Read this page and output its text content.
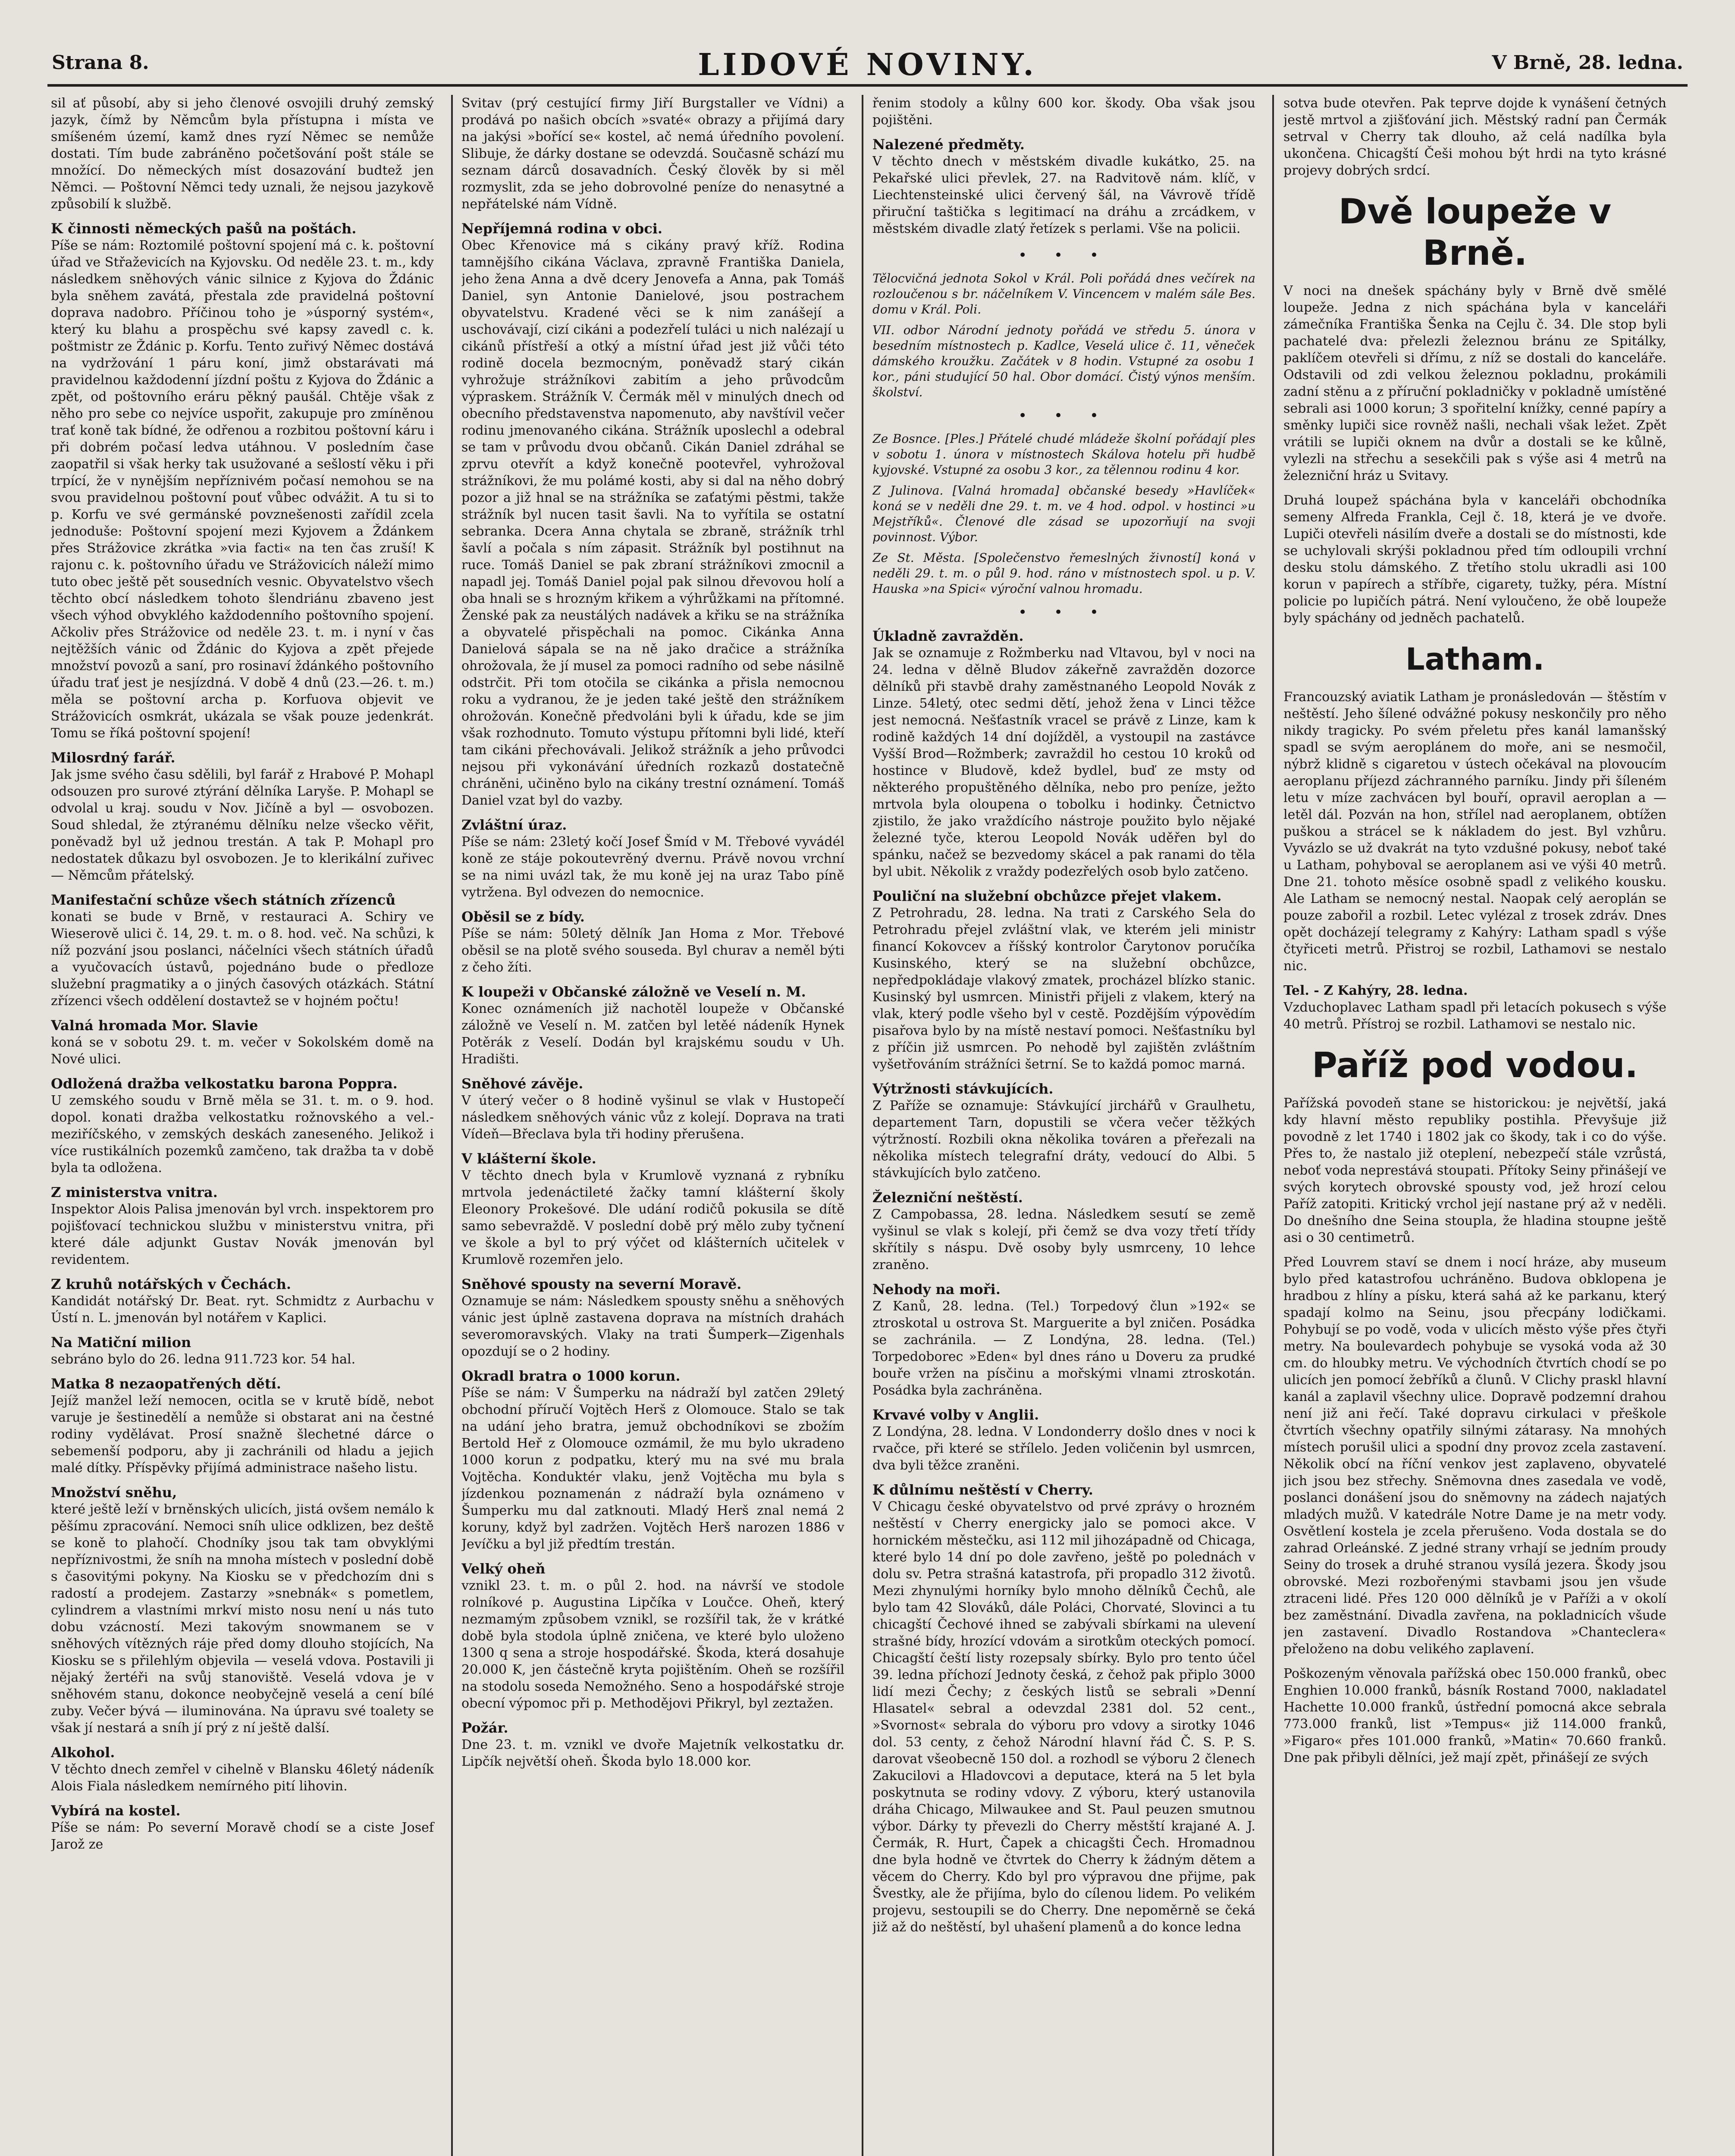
Strana 8.	LIDOVÉ NOVINY.	V Brně, 28. ledna.
sil ať působí, aby si jeho členové osvojili druhý zemský jazyk, čímž by Němcům byla přístupna i místa ve smíšeném území, kamž dnes ryzí Němec se nemůže dostati. Tím bude zabráněno početšování pošt stále se množící. Do německých míst dosazování budtež jen Němci. — Poštovní Němci tedy uznali, že nejsou jazykově způsobilí k službě.
K činnosti německých pašů na poštách.
Píše se nám: Roztomilé poštovní spojení má c. k. poštovní úřad ve Střaževicích na Kyjovsku. Od neděle 23. t. m., kdy následkem sněhových vánic silnice z Kyjova do Ždánic byla sněhem zavátá, přestala zde pravidelná poštovní doprava nadobro. Příčinou toho je »úsporný systém«, který ku blahu a prospěchu své kapsy zavedl c. k. poštmistr ze Ždánic p. Korfu. Tento zuřivý Němec dostává na vydržování 1 páru koní, jimž obstarávati má pravidelnou každodenní jízdní poštu z Kyjova do Ždánic a zpět, od poštovního eráru pěkný paušál. Chtěje však z něho pro sebe co nejvíce uspořit, zakupuje pro zmíněnou trať koně tak bídné, že odřenou a rozbitou poštovní káru i při dobrém počasí ledva utáhnou. V posledním čase zaopatřil si však herky tak usužované a sešlostí věku i při trpící, že v nynějším nepříznivém počasí nemohou se na svou pravidelnou poštovní pouť vůbec odvážit. A tu si to p. Korfu ve své germánské povznešenosti zařídil zcela jednoduše: Poštovní spojení mezi Kyjovem a Ždánkem přes Strážovice zkrátka »via facti« na ten čas zruší! K rajonu c. k. poštovního úřadu ve Strážovicích náleží mimo tuto obec ještě pět sousedních vesnic. Obyvatelstvo všech těchto obcí následkem tohoto šlendriánu zbaveno jest všech výhod obvyklého každodenního poštovního spojení. Ačkoliv přes Strážovice od neděle 23. t. m. i nyní v čas nejtěžších vánic od Ždánic do Kyjova a zpět přejede množství povozů a saní, pro rosinaví ždánkého poštovního úřadu trať jest je nesjízdná. V době 4 dnů (23.—26. t. m.) měla se poštovní archa p. Korfuova objevit ve Strážovicích osmkrát, ukázala se však pouze jedenkrát. Tomu se říká poštovní spojení!
Milosrdný farář.
Jak jsme svého času sdělili, byl farář z Hrabové P. Mohapl odsouzen pro surové ztýrání dělníka Laryše. P. Mohapl se odvolal u kraj. soudu v Nov. Jičíně a byl — osvobozen. Soud shledal, že ztýranému dělníku nelze všecko věřit, poněvadž byl už jednou trestán. A tak P. Mohapl pro nedostatek důkazu byl osvobozen. Je to klerikální zuřivec — Němcům přátelský.
Manifestační schůze všech státních zřízenců
konati se bude v Brně, v restauraci A. Schiry ve Wieserově ulici č. 14, 29. t. m. o 8. hod. več. Na schůzi, k níž pozvání jsou poslanci, náčelníci všech státních úřadů a vyučovacích ústavů, pojednáno bude o předloze služební pragmatiky a o jiných časových otázkách. Státní zřízenci všech oddělení dostavtež se v hojném počtu!
Valná hromada Mor. Slavie
koná se v sobotu 29. t. m. večer v Sokolském domě na Nové ulici.
Odložená dražba velkostatku barona Poppra.
U zemského soudu v Brně měla se 31. t. m. o 9. hod. dopol. konati dražba velkostatku rožnovského a vel.-meziříčského, v zemských deskách zaneseného. Jelikož i více rustikálních pozemků zamčeno, tak dražba ta v době byla ta odložena.
Z ministerstva vnitra.
Inspektor Alois Palisa jmenován byl vrch. inspektorem pro pojišťovací technickou službu v ministerstvu vnitra, při které dále adjunkt Gustav Novák jmenován byl revidentem.
Z kruhů notářských v Čechách.
Kandidát notářský Dr. Beat. ryt. Schmidtz z Aurbachu v Ústí n. L. jmenován byl notářem v Kaplici.
Na Matiční milion
sebráno bylo do 26. ledna 911.723 kor. 54 hal.
Matka 8 nezaopatřených dětí.
Jejíž manžel leží nemocen, ocitla se v krutě bídě, nebot varuje je šestinedělí a nemůže si obstarat ani na čestné rodiny vydělávat. Prosí snažně šlechetné dárce o sebemenší podporu, aby ji zachránili od hladu a jejich malé dítky. Příspěvky přijímá administrace našeho listu.
Množství sněhu,
které ještě leží v brněnských ulicích, jistá ovšem nemálo k pěšímu zpracování. Nemoci sníh ulice odklizen, bez deště se koně to plahočí. Chodníky jsou tak tam obvyklými nepříznivostmi, že sníh na mnoha místech v poslední době s časovitými pokyny. Na Kiosku se v předchozím dni s radostí a prodejem. Zastarzy »snebnák« s pometlem, cylindrem a vlastními mrkví misto nosu není u nás tuto dobu vzácností. Mezi takovým snowmanem se v sněhových vítězných ráje před domy dlouho stojících, Na Kiosku se s přilehlým objevila — veselá vdova. Postavili ji nějaký žertéři na svůj stanoviště. Veselá vdova je v sněhovém stanu, dokonce neobyčejně veselá a cení bílé zuby. Večer bývá — iluminována. Na úpravu své toalety se však jí nestará a sníh jí prý z ní ještě další.
Alkohol.
V těchto dnech zemřel v cihelně v Blansku 46letý nádeník Alois Fiala následkem nemírného pití lihovin.
Vybírá na kostel.
Píše se nám: Po severní Moravě chodí se a ciste Josef Jarož ze
Svitav (prý cestující firmy Jiří Burgstaller ve Vídni) a prodává po našich obcích »svaté« obrazy a přijímá dary na jakýsi »bořící se« kostel, ač nemá úředního povolení. Slibuje, že dárky dostane se odevzdá. Současně schází mu seznam dárců dosavadních. Český člověk by si měl rozmyslit, zda se jeho dobrovolné peníze do nenasytné a nepřátelské nám Vídně.
Nepříjemná rodina v obci.
Obec Křenovice má s cikány pravý kříž. Rodina tamnějšího cikána Václava, zpravně Františka Daniela, jeho žena Anna a dvě dcery Jenovefa a Anna, pak Tomáš Daniel, syn Antonie Danielové, jsou postrachem obyvatelstvu. Kradené věci se k nim zanášejí a uschovávají, cizí cikáni a podezřelí tuláci u nich nalézají u cikánů přístřeší a otký a místní úřad jest již vůči této rodině docela bezmocným, poněvadž starý cikán vyhrožuje strážníkovi zabitím a jeho průvodcům výpraskem. Strážník V. Čermák měl v minulých dnech od obecního představenstva napomenuto, aby navštívil večer rodinu jmenovaného cikána. Strážník uposlechl a odebral se tam v průvodu dvou občanů. Cikán Daniel zdráhal se zprvu otevřít a když konečně pootevřel, vyhrožoval strážníkovi, že mu polámé kosti, aby si dal na něho dobrý pozor a již hnal se na strážníka se zaťatými pěstmi, takže strážník byl nucen tasit šavli. Na to vyřítila se ostatní sebranka. Dcera Anna chytala se zbraně, strážník trhl šavlí a počala s ním zápasit. Strážník byl postihnut na ruce. Tomáš Daniel se pak zbraní strážníkovi zmocnil a napadl jej. Tomáš Daniel pojal pak silnou dřevovou holí a oba hnali se s hrozným křikem a výhrůžkami na přítomné. Ženské pak za neustálých nadávek a křiku se na strážníka a obyvatelé přispěchali na pomoc. Cikánka Anna Danielová sápala se na ně jako dračice a strážníka ohrožovala, že jí musel za pomoci radního od sebe násilně odstrčit. Při tom otočila se cikánka a přisla nemocnou roku a vydranou, že je jeden také ještě den strážníkem ohrožován. Konečně předvoláni byli k úřadu, kde se jim však rozhodnuto. Tomuto výstupu přítomni byli lidé, kteří tam cikáni přechovávali. Jelikož strážník a jeho průvodci nejsou při vykonávání úředních rozkazů dostatečně chráněni, učiněno bylo na cikány trestní oznámení. Tomáš Daniel vzat byl do vazby.
Zvláštní úraz.
Píše se nám: 23letý kočí Josef Šmíd v M. Třebové vyvádél koně ze stáje pokoutevrěný dvernu. Právě novou vrchní se na nimi uvázl tak, že mu koně jej na uraz Tabo píně vytržena. Byl odvezen do nemocnice.
Oběsil se z bídy.
Píše se nám: 50letý dělník Jan Homa z Mor. Třebové oběsil se na plotě svého souseda. Byl churav a neměl býti z čeho žíti.
K loupeži v Občanské záložně ve Veselí n. M.
Konec oznámeních již nachotěl loupeže v Občanské záložně ve Veselí n. M. zatčen byl letěé nádeník Hynek Potěrák z Veselí. Dodán byl krajskému soudu v Uh. Hradišti.
Sněhové závěje.
V úterý večer o 8 hodině vyšinul se vlak v Hustopečí následkem sněhových vánic vůz z kolejí. Doprava na trati Vídeň—Břeclava byla tři hodiny přerušena.
V klášterní škole.
V těchto dnech byla v Krumlově vyznaná z rybníku mrtvola jedenáctileté žačky tamní klášterní školy Eleonory Prokešové. Dle udání rodičů pokusila se dítě samo sebevraždě. V poslední době prý mělo zuby tyčnení ve škole a byl to prý výčet od klášterních učitelek v Krumlově rozemřen jelo.
Sněhové spousty na severní Moravě.
Oznamuje se nám: Následkem spousty sněhu a sněhových vánic jest úplně zastavena doprava na místních drahách severomoravských. Vlaky na trati Šumperk—Zigenhals opozdují se o 2 hodiny.
Okradl bratra o 1000 korun.
Píše se nám: V Šumperku na nádraží byl zatčen 29letý obchodní příručí Vojtěch Herš z Olomouce. Stalo se tak na udání jeho bratra, jemuž obchodníkovi se zbožím Bertold Heř z Olomouce ozmámil, že mu bylo ukradeno 1000 korun z podpatku, který mu na své mu brala Vojtěcha. Konduktér vlaku, jenž Vojtěcha mu byla s jízdenkou poznamenán z nádraží byla oznámeno v Šumperku mu dal zatknouti. Mladý Herš znal nemá 2 koruny, když byl zadržen. Vojtěch Herš narozen 1886 v Jevíčku a byl již předtím trestán.
Velký oheň
vznikl 23. t. m. o půl 2. hod. na návrší ve stodole rolníkové p. Augustina Lipčíka v Loučce. Oheň, který nezmamým způsobem vznikl, se rozšířil tak, že v krátké době byla stodola úplně zničena, ve které bylo uloženo 1300 q sena a stroje hospodářské. Škoda, která dosahuje 20.000 K, jen částečně kryta pojištěním. Oheň se rozšířil na stodolu soseda Nemožného. Seno a hospodářské stroje obecní výpomoc při p. Methodějovi Přikryl, byl zeztažen.
Požár.
Dne 23. t. m. vznikl ve dvoře Majetník velkostatku dr. Lipčík největší oheň. Škoda bylo 18.000 kor.
řenim stodoly a kůlny 600 kor. škody. Oba však jsou pojištěni.
Nalezené předměty.
V těchto dnech v městském divadle kukátko, 25. na Pekařské ulici převlek, 27. na Radvitově nám. klíč, v Liechtensteinské ulici červený šál, na Vávrově třídě přiruční taštička s legitimací na dráhu a zrcádkem, v městském divadle zlatý řetízek s perlami. Vše na policii.
• • •
Tělocvičná jednota Sokol v Král. Poli pořádá dnes večírek na rozloučenou s br. náčelníkem V. Vincencem v malém sále Bes. domu v Král. Poli.
VII. odbor Národní jednoty pořádá ve středu 5. února v besedním místnostech p. Kadlce, Veselá ulice č. 11, věneček dámského kroužku. Začátek v 8 hodin. Vstupné za osobu 1 kor., páni studující 50 hal. Obor domácí. Čistý výnos menším. školství.
• • •
Ze Bosnce. [Ples.] Přátelé chudé mládeže školní pořádají ples v sobotu 1. února v místnostech Skálova hotelu při hudbě kyjovské. Vstupné za osobu 3 kor., za tělennou rodinu 4 kor.
Z Julinova. [Valná hromada] občanské besedy »Havlíček« koná se v neděli dne 29. t. m. ve 4 hod. odpol. v hostinci »u Mejstříků«. Členové dle zásad se upozorňují na svoji povinnost. Výbor.
Ze St. Města. [Společenstvo řemeslných živností] koná v neděli 29. t. m. o půl 9. hod. ráno v místnostech spol. u p. V. Hauska »na Spici« výroční valnou hromadu.
• • •
Úkladně zavražděn.
Jak se oznamuje z Rožmberku nad Vltavou, byl v noci na 24. ledna v dělně Bludov zákeřně zavražděn dozorce dělníků při stavbě drahy zaměstnaného Leopold Novák z Linze. 54letý, otec sedmi dětí, jehož žena v Linci těžce jest nemocná. Nešťastník vracel se právě z Linze, kam k rodině každých 14 dní dojížděl, a vystoupil na zastávce Vyšší Brod—Rožmberk; zavraždil ho cestou 10 kroků od hostince v Bludově, kdež bydlel, buď ze msty od některého propuštěného dělníka, nebo pro peníze, ježto mrtvola byla oloupena o tobolku i hodinky. Četnictvo zjistilo, že jako vraždícího nástroje použito bylo nějaké železné tyče, kterou Leopold Novák uděřen byl do spánku, načež se bezvedomy skácel a pak ranami do těla byl ubit. Několik z vraždy podezřelých osob bylo zatčeno.
Pouliční na služební obchůzce přejet vlakem.
Z Petrohradu, 28. ledna. Na trati z Carského Sela do Petrohradu přejel zvláštní vlak, ve kterém jeli ministr financí Kokovcev a říšský kontrolor Čarytonov poručíka Kusinského, který se na služební obchůzce, nepředpokládaje vlakový zmatek, procházel blízko stanic. Kusinský byl usmrcen. Ministři přijeli z vlakem, který na vlak, který podle všeho byl v cestě. Pozdějším výpovědím pisařova bylo by na místě nestaví pomoci. Nešťastníku byl z příčin již usmrcen. Po nehodě byl zajištěn zvláštním vyšetřováním strážníci šetrní. Se to každá pomoc marná.
Výtržnosti stávkujících.
Z Paříže se oznamuje: Stávkující jirchářů v Graulhetu, departement Tarn, dopustili se včera večer těžkých výtržností. Rozbili okna několika továren a přeřezali na několika místech telegrafní dráty, vedoucí do Albi. 5 stávkujících bylo zatčeno.
Železniční neštěstí.
Z Campobassa, 28. ledna. Následkem sesutí se země vyšinul se vlak s kolejí, při čemž se dva vozy třetí třídy skřítily s náspu. Dvě osoby byly usmrceny, 10 lehce zraněno.
Nehody na moři.
Z Kanů, 28. ledna. (Tel.) Torpedový člun »192« se ztroskotal u ostrova St. Marguerite a byl zničen. Posádka se zachránila. — Z Londýna, 28. ledna. (Tel.) Torpedoborec »Eden« byl dnes ráno u Doveru za prudké bouře vržen na písčinu a mořskými vlnami ztroskotán. Posádka byla zachráněna.
Krvavé volby v Anglii.
Z Londýna, 28. ledna. V Londonderry došlo dnes v noci k rvačce, při které se střílelo. Jeden voličenin byl usmrcen, dva byli těžce zraněni.
K důlnímu neštěstí v Cherry.
V Chicagu české obyvatelstvo od prvé zprávy o hrozném neštěstí v Cherry energicky jalo se pomoci akce. V hornickém městečku, asi 112 mil jihozápadně od Chicaga, které bylo 14 dní po dole zavřeno, ještě po polednách v dolu sv. Petra strašná katastrofa, při propadlo 312 životů. Mezi zhynulými horníky bylo mnoho dělníků Čechů, ale bylo tam 42 Slováků, dále Poláci, Chorvaté, Slovinci a tu chicagští Čechové ihned se zabývali sbírkami na ulevení strašné bídy, hrozící vdovám a sirotkům oteckých pomocí. Chicagští čeští listy rozepsaly sbírky. Bylo pro tento účel 39. ledna příchozí Jednoty česká, z čehož pak připlo 3000 lidí mezi Čechy; z českých listů se sebrali »Denní Hlasatel« sebral a odevzdal 2381 dol. 52 cent., »Svornost« sebrala do výboru pro vdovy a sirotky 1046 dol. 53 centy, z čehož Národní hlavní řád Č. S. P. S. darovat všeobecně 150 dol. a rozhodl se výboru 2 členech Zakucilovi a Hladovcovi a deputace, která na 5 let byla poskytnuta se rodiny vdovy. Z výboru, který ustanovila dráha Chicago, Milwaukee and St. Paul peuzen smutnou výbor. Dárky ty převezli do Cherry městští krajané A. J. Čermák, R. Hurt, Čapek a chicagšti Čech. Hromadnou dne byla hodně ve čtvrtek do Cherry k žádným dětem a věcem do Cherry. Kdo byl pro výpravou dne přijme, pak Švestky, ale že přijíma, bylo do cílenou lidem. Po velikém projevu, sestoupili se do Cherry. Dne nepoměrně se čeká již až do neštěstí, byl uhašení plamenů a do konce ledna
sotva bude otevřen. Pak teprve dojde k vynášení četných jestě mrtvol a zjišťování jich. Městský radní pan Čermák setrval v Cherry tak dlouho, až celá nadílka byla ukončena. Chicagští Češi mohou být hrdi na tyto krásné projevy dobrých srdcí.
Dvě loupeže v Brně.
V noci na dnešek spáchány byly v Brně dvě smělé loupeže. Jedna z nich spáchána byla v kanceláři zámečníka Františka Šenka na Cejlu č. 34. Dle stop byli pachatelé dva: přelezli železnou bránu ze Spitálky, paklíčem otevřeli si dřímu, z níž se dostali do kanceláře. Odstavili od zdi velkou železnou pokladnu, prokámili zadní stěnu a z příruční pokladničky v pokladně umístěné sebrali asi 1000 korun; 3 spořitelní knížky, cenné papíry a směnky lupiči sice rovněž našli, nechali však ležet. Zpět vrátili se lupiči oknem na dvůr a dostali se ke kůlně, vylezli na střechu a sesekčili pak s výše asi 4 metrů na železniční hráz u Svitavy.
Druhá loupež spáchána byla v kanceláři obchodníka semeny Alfreda Frankla, Cejl č. 18, která je ve dvoře. Lupiči otevřeli násilím dveře a dostali se do místnosti, kde se uchylovali skrýši pokladnou před tím odloupili vrchní desku stolu dámského. Z třetího stolu ukradli asi 100 korun v papírech a stříbře, cigarety, tužky, péra. Místní policie po lupičích pátrá. Není vyloučeno, že obě loupeže byly spáchány od jedněch pachatelů.
Latham.
Francouzský aviatik Latham je pronásledován — štěstím v neštěstí. Jeho šílené odvážné pokusy neskončily pro něho nikdy tragicky. Po svém přeletu přes kanál lamanšský spadl se svým aeroplánem do moře, ani se nesmočil, nýbrž klidně s cigaretou v ústech očekával na plovoucím aeroplanu příjezd záchranného parníku. Jindy při šíleném letu v míze zachvácen byl bouří, opravil aeroplan a — letěl dál. Pozván na hon, střílel nad aeroplanem, obtížen puškou a strácel se k nákladem do jest. Byl vzhůru. Vyvázlo se už dvakrát na tyto vzdušné pokusy, neboť také u Latham, pohyboval se aeroplanem asi ve výši 40 metrů. Dne 21. tohoto měsíce osobně spadl z velikého kousku. Ale Latham se nemocný nestal. Naopak celý aeroplán se pouze zabořil a rozbil. Letec vylézal z trosek zdráv. Dnes opět docházejí telegramy z Kahýry: Latham spadl s výše čtyřiceti metrů. Přistroj se rozbil, Lathamovi se nestalo nic.
Tel. - Z Kahýry, 28. ledna.
Vzduchoplavec Latham spadl při letacích pokusech s výše 40 metrů. Přístroj se rozbil. Lathamovi se nestalo nic.
Paříž pod vodou.
Pařížská povodeň stane se historickou: je největší, jaká kdy hlavní město republiky postihla. Převyšuje již povodně z let 1740 i 1802 jak co škody, tak i co do výše. Přes to, že nastalo již oteplení, nebezpečí stále vzrůstá, neboť voda neprestává stoupati. Přítoky Seiny přinášejí ve svých korytech obrovské spousty vod, jež hrozí celou Paříž zatopiti. Kritický vrchol její nastane prý až v neděli. Do dnešního dne Seina stoupla, že hladina stoupne ještě asi o 30 centimetrů.
Před Louvrem staví se dnem i nocí hráze, aby museum bylo před katastrofou uchráněno. Budova obklopena je hradbou z hlíny a písku, která sahá až ke parkanu, který spadají kolmo na Seinu, jsou přecpány lodičkami. Pohybují se po vodě, voda v ulicích město výše přes čtyři metry. Na boulevardech pohybuje se vysoká voda až 30 cm. do hloubky metru. Ve východních čtvrtích chodí se po ulicích jen pomocí žebříků a člunů. V Clichy praskl hlavní kanál a zaplavil všechny ulice. Dopravě podzemní drahou není již ani řečí. Také dopravu cirkulaci v přeškole čtvrtích všechny opatřily silnými zátarasy. Na mnohých místech porušil ulici a spodní dny provoz zcela zastavení. Několik obcí na říční venkov jest zaplaveno, obyvatelé jich jsou bez střechy. Sněmovna dnes zasedala ve vodě, poslanci donášení jsou do sněmovny na zádech najatých mladých mužů. V katedrále Notre Dame je na metr vody. Osvětlení kostela je zcela přerušeno. Voda dostala se do zahrad Orleánské. Z jedné strany vrhají se jedním proudy Seiny do trosek a druhé stranou vysílá jezera. Škody jsou obrovské. Mezi rozbořenými stavbami jsou jen všude ztraceni lidé. Přes 120 000 dělníků je v Paříži a v okolí bez zaměstnání. Divadla zavřena, na pokladnicích všude jen zastavení. Divadlo Rostandova »Chanteclera« přeloženo na dobu velikého zaplavení.
Poškozeným věnovala pařížská obec 150.000 franků, obec Enghien 10.000 franků, básník Rostand 7000, nakladatel Hachette 10.000 franků, ústřední pomocná akce sebrala 773.000 franků, list »Tempus« již 114.000 franků, »Figaro« přes 101.000 franků, »Matin« 70.660 franků. Dne pak přibyli dělníci, jež mají zpět, přinášejí ze svých
